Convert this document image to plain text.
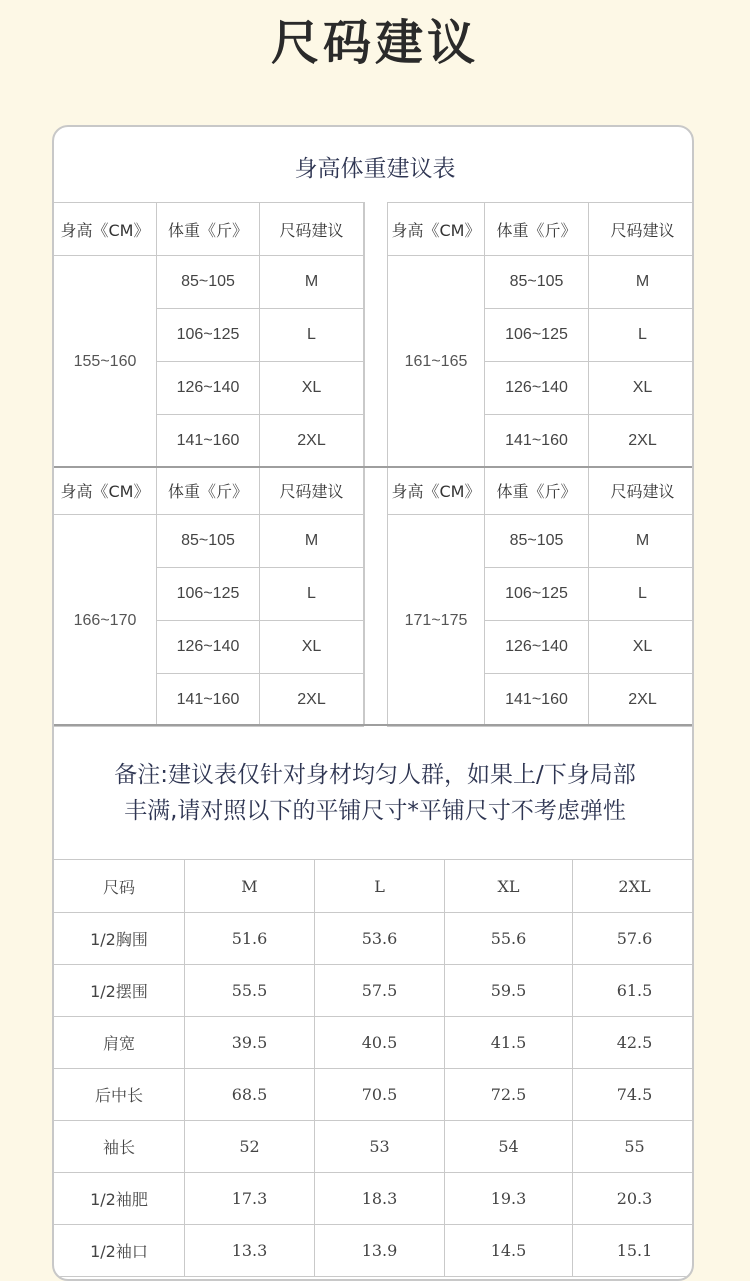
尺码建议
身高体重建议表
身高《CM》	体重《斤》	尺码建议
155~160	85~105	M
	106~125	L
	126~140	XL
	141~160	2XL
身高《CM》	体重《斤》	尺码建议
161~165	85~105	M
	106~125	L
	126~140	XL
	141~160	2XL
身高《CM》	体重《斤》	尺码建议
166~170	85~105	M
	106~125	L
	126~140	XL
	141~160	2XL
身高《CM》	体重《斤》	尺码建议
171~175	85~105	M
	106~125	L
	126~140	XL
	141~160	2XL
备注:建议表仅针对身材均匀人群，如果上/下身局部
丰满,请对照以下的平铺尺寸*平铺尺寸不考虑弹性
尺码	M	L	XL	2XL
1/2胸围	51.6	53.6	55.6	57.6
1/2摆围	55.5	57.5	59.5	61.5
肩宽	39.5	40.5	41.5	42.5
后中长	68.5	70.5	72.5	74.5
袖长	52	53	54	55
1/2袖肥	17.3	18.3	19.3	20.3
1/2袖口	13.3	13.9	14.5	15.1
